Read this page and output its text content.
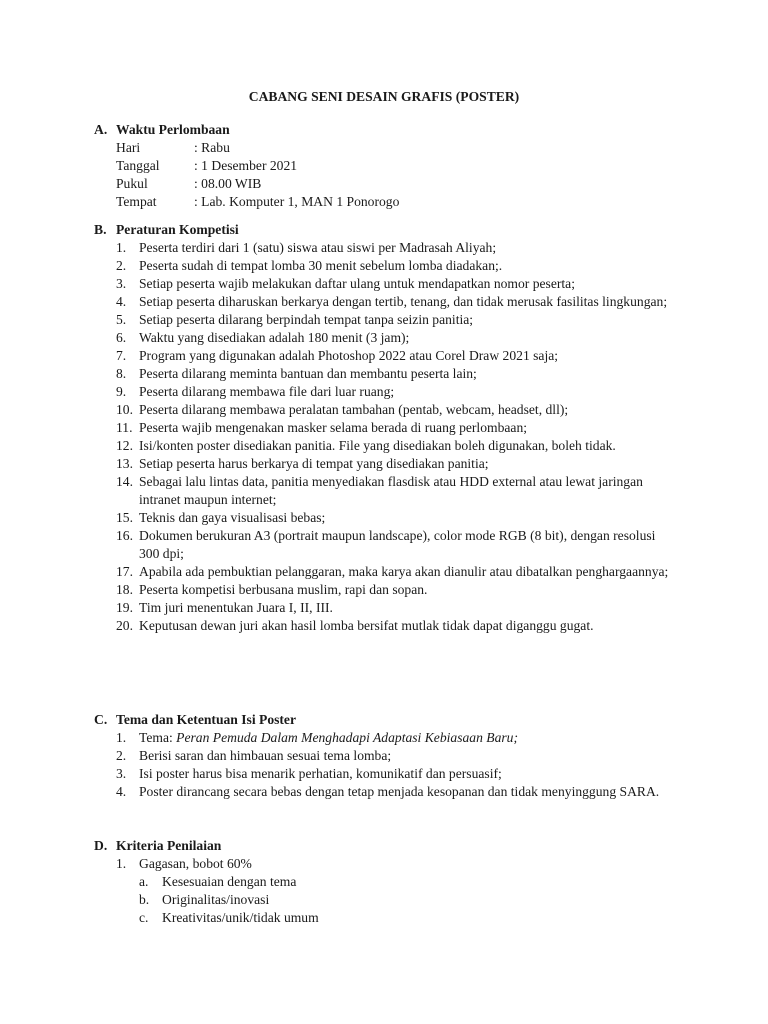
CABANG SENI DESAIN GRAFIS (POSTER)
A. Waktu Perlombaan
Hari	: Rabu
Tanggal	: 1 Desember 2021
Pukul	: 08.00 WIB
Tempat	: Lab. Komputer 1, MAN 1 Ponorogo
B. Peraturan Kompetisi
1. Peserta terdiri dari 1 (satu) siswa atau siswi per Madrasah Aliyah;
2. Peserta sudah di tempat lomba 30 menit sebelum lomba diadakan;.
3. Setiap peserta wajib melakukan daftar ulang untuk mendapatkan nomor peserta;
4. Setiap peserta diharuskan berkarya dengan tertib, tenang, dan tidak merusak fasilitas lingkungan;
5. Setiap peserta dilarang berpindah tempat tanpa seizin panitia;
6. Waktu yang disediakan adalah 180 menit (3 jam);
7. Program yang digunakan adalah Photoshop 2022 atau Corel Draw 2021 saja;
8. Peserta dilarang meminta bantuan dan membantu peserta lain;
9. Peserta dilarang membawa file dari luar ruang;
10. Peserta dilarang membawa peralatan tambahan (pentab, webcam, headset, dll);
11. Peserta wajib mengenakan masker selama berada di ruang perlombaan;
12. Isi/konten poster disediakan panitia. File yang disediakan boleh digunakan, boleh tidak.
13. Setiap peserta harus berkarya di tempat yang disediakan panitia;
14. Sebagai lalu lintas data, panitia menyediakan flasdisk atau HDD external atau lewat jaringan intranet maupun internet;
15. Teknis dan gaya visualisasi bebas;
16. Dokumen berukuran A3 (portrait maupun landscape), color mode RGB (8 bit), dengan resolusi 300 dpi;
17. Apabila ada pembuktian pelanggaran, maka karya akan dianulir atau dibatalkan penghargaannya;
18. Peserta kompetisi berbusana muslim, rapi dan sopan.
19. Tim juri menentukan Juara I, II, III.
20. Keputusan dewan juri akan hasil lomba bersifat mutlak tidak dapat diganggu gugat.
C. Tema dan Ketentuan Isi Poster
1. Tema: Peran Pemuda Dalam Menghadapi Adaptasi Kebiasaan Baru;
2. Berisi saran dan himbauan sesuai tema lomba;
3. Isi poster harus bisa menarik perhatian, komunikatif dan persuasif;
4. Poster dirancang secara bebas dengan tetap menjada kesopanan dan tidak menyinggung SARA.
D. Kriteria Penilaian
1. Gagasan, bobot 60%
a. Kesesuaian dengan tema
b. Originalitas/inovasi
c. Kreativitas/unik/tidak umum
